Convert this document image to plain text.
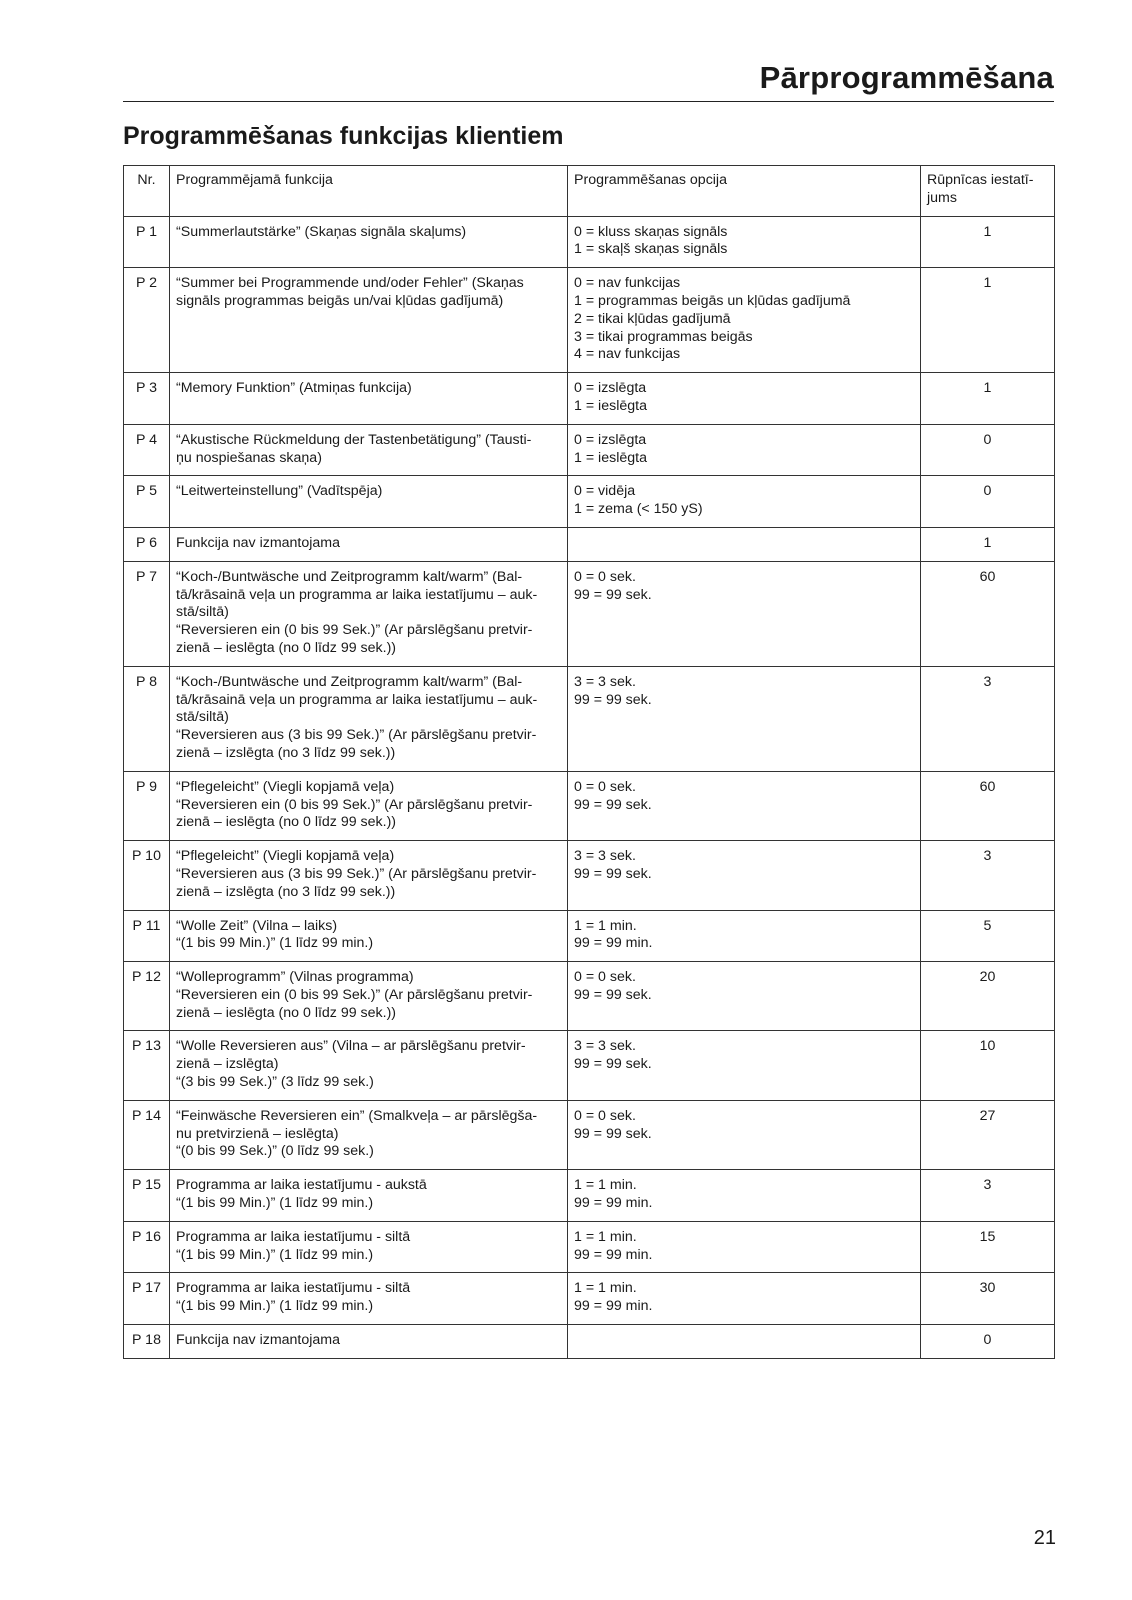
Pārprogrammēšana
Programmēšanas funkcijas klientiem
Nr.	Programmējamā funkcija	Programmēšanas opcija	Rūpnīcas iestatī-
jums

P 1	“Summerlautstärke” (Skaņas signāla skaļums)	0 = kluss skaņas signāls
1 = skaļš skaņas signāls	1
P 2	“Summer bei Programmende und/oder Fehler” (Skaņas
signāls programmas beigās un/vai kļūdas gadījumā)	0 = nav funkcijas
1 = programmas beigās un kļūdas gadījumā
2 = tikai kļūdas gadījumā
3 = tikai programmas beigās
4 = nav funkcijas	1
P 3	“Memory Funktion” (Atmiņas funkcija)	0 = izslēgta
1 = ieslēgta	1
P 4	“Akustische Rückmeldung der Tastenbetätigung” (Tausti-
ņu nospiešanas skaņa)	0 = izslēgta
1 = ieslēgta	0
P 5	“Leitwerteinstellung” (Vadītspēja)	0 = vidēja
1 = zema (< 150 yS)	0
P 6	Funkcija nav izmantojama		1
P 7	“Koch-/Buntwäsche und Zeitprogramm kalt/warm” (Bal-
tā/krāsainā veļa un programma ar laika iestatījumu – auk-
stā/siltā)
“Reversieren ein (0 bis 99 Sek.)” (Ar pārslēgšanu pretvir-
zienā – ieslēgta (no 0 līdz 99 sek.))	0 = 0 sek.
99 = 99 sek.	60
P 8	“Koch-/Buntwäsche und Zeitprogramm kalt/warm” (Bal-
tā/krāsainā veļa un programma ar laika iestatījumu – auk-
stā/siltā)
“Reversieren aus (3 bis 99 Sek.)” (Ar pārslēgšanu pretvir-
zienā – izslēgta (no 3 līdz 99 sek.))	3 = 3 sek.
99 = 99 sek.	3
P 9	“Pflegeleicht” (Viegli kopjamā veļa)
“Reversieren ein (0 bis 99 Sek.)” (Ar pārslēgšanu pretvir-
zienā – ieslēgta (no 0 līdz 99 sek.))	0 = 0 sek.
99 = 99 sek.	60
P 10	“Pflegeleicht” (Viegli kopjamā veļa)
“Reversieren aus (3 bis 99 Sek.)” (Ar pārslēgšanu pretvir-
zienā – izslēgta (no 3 līdz 99 sek.))	3 = 3 sek.
99 = 99 sek.	3
P 11	“Wolle Zeit” (Vilna – laiks)
“(1 bis 99 Min.)” (1 līdz 99 min.)	1 = 1 min.
99 = 99 min.	5
P 12	“Wolleprogramm” (Vilnas programma)
“Reversieren ein (0 bis 99 Sek.)” (Ar pārslēgšanu pretvir-
zienā – ieslēgta (no 0 līdz 99 sek.))	0 = 0 sek.
99 = 99 sek.	20
P 13	“Wolle Reversieren aus” (Vilna – ar pārslēgšanu pretvir-
zienā – izslēgta)
“(3 bis 99 Sek.)” (3 līdz 99 sek.)	3 = 3 sek.
99 = 99 sek.	10
P 14	“Feinwäsche Reversieren ein” (Smalkveļa – ar pārslēgša-
nu pretvirzienā – ieslēgta)
“(0 bis 99 Sek.)” (0 līdz 99 sek.)	0 = 0 sek.
99 = 99 sek.	27
P 15	Programma ar laika iestatījumu - aukstā
“(1 bis 99 Min.)” (1 līdz 99 min.)	1 = 1 min.
99 = 99 min.	3
P 16	Programma ar laika iestatījumu - siltā
“(1 bis 99 Min.)” (1 līdz 99 min.)	1 = 1 min.
99 = 99 min.	15
P 17	Programma ar laika iestatījumu - siltā
“(1 bis 99 Min.)” (1 līdz 99 min.)	1 = 1 min.
99 = 99 min.	30
P 18	Funkcija nav izmantojama		0
21
